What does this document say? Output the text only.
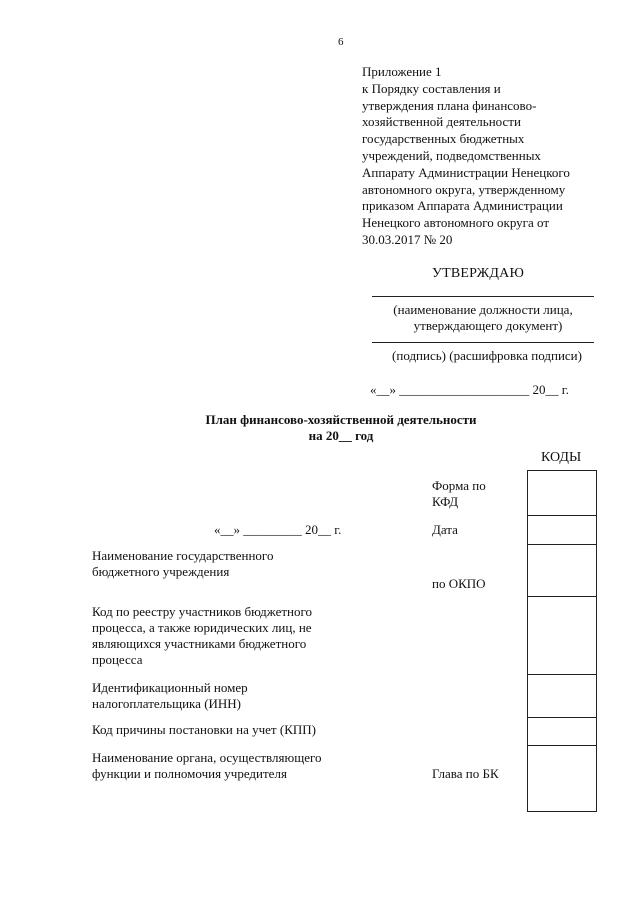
6
Приложение 1
к Порядку составления и
утверждения плана финансово-
хозяйственной деятельности
государственных бюджетных
учреждений, подведомственных
Аппарату Администрации Ненецкого
автономного округа, утвержденному
приказом Аппарата Администрации
Ненецкого автономного округа от
30.03.2017 № 20
УТВЕРЖДАЮ
(наименование должности лица,
утверждающего документ)
(подпись) (расшифровка подписи)
«__» ____________________ 20__ г.
План финансово-хозяйственной деятельности
на 20__ год
КОДЫ
Форма по
КФД
«__» _________ 20__ г.	Дата
Наименование государственного
бюджетного учреждения
по ОКПО
Код по реестру участников бюджетного
процесса, а также юридических лиц, не
являющихся участниками бюджетного
процесса
Идентификационный номер
налогоплательщика (ИНН)
Код причины постановки на учет (КПП)
Наименование органа, осуществляющего
функции и полномочия учредителя	Глава по БК
